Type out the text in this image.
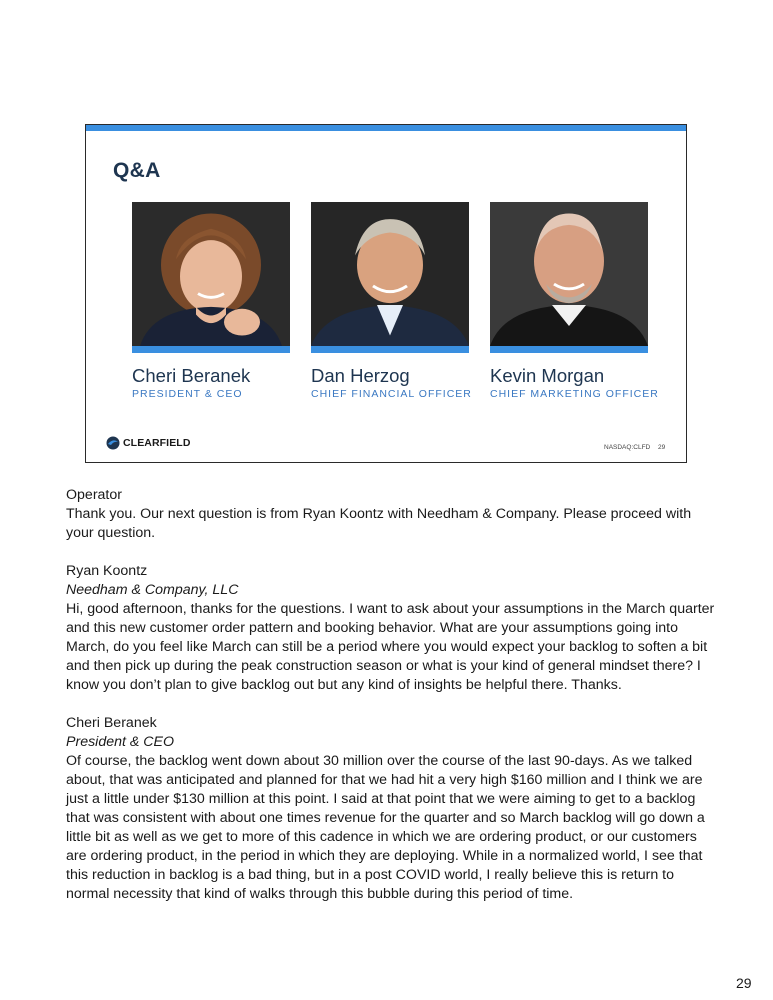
Q&A
Cheri Beranek
PRESIDENT & CEO
Dan Herzog
CHIEF FINANCIAL OFFICER
Kevin Morgan
CHIEF MARKETING OFFICER
CLEARFIELD	NASDAQ:CLFD 29
Operator
Thank you. Our next question is from Ryan Koontz with Needham & Company. Please proceed with your question.
Ryan Koontz
Needham & Company, LLC
Hi, good afternoon, thanks for the questions. I want to ask about your assumptions in the March quarter and this new customer order pattern and booking behavior. What are your assumptions going into March, do you feel like March can still be a period where you would expect your backlog to soften a bit and then pick up during the peak construction season or what is your kind of general mindset there? I know you don’t plan to give backlog out but any kind of insights be helpful there. Thanks.
Cheri Beranek
President & CEO
Of course, the backlog went down about 30 million over the course of the last 90-days. As we talked about, that was anticipated and planned for that we had hit a very high $160 million and I think we are just a little under $130 million at this point. I said at that point that we were aiming to get to a backlog that was consistent with about one times revenue for the quarter and so March backlog will go down a little bit as well as we get to more of this cadence in which we are ordering product, or our customers are ordering product, in the period in which they are deploying. While in a normalized world, I see that this reduction in backlog is a bad thing, but in a post COVID world, I really believe this is return to normal necessity that kind of walks through this bubble during this period of time.
29
